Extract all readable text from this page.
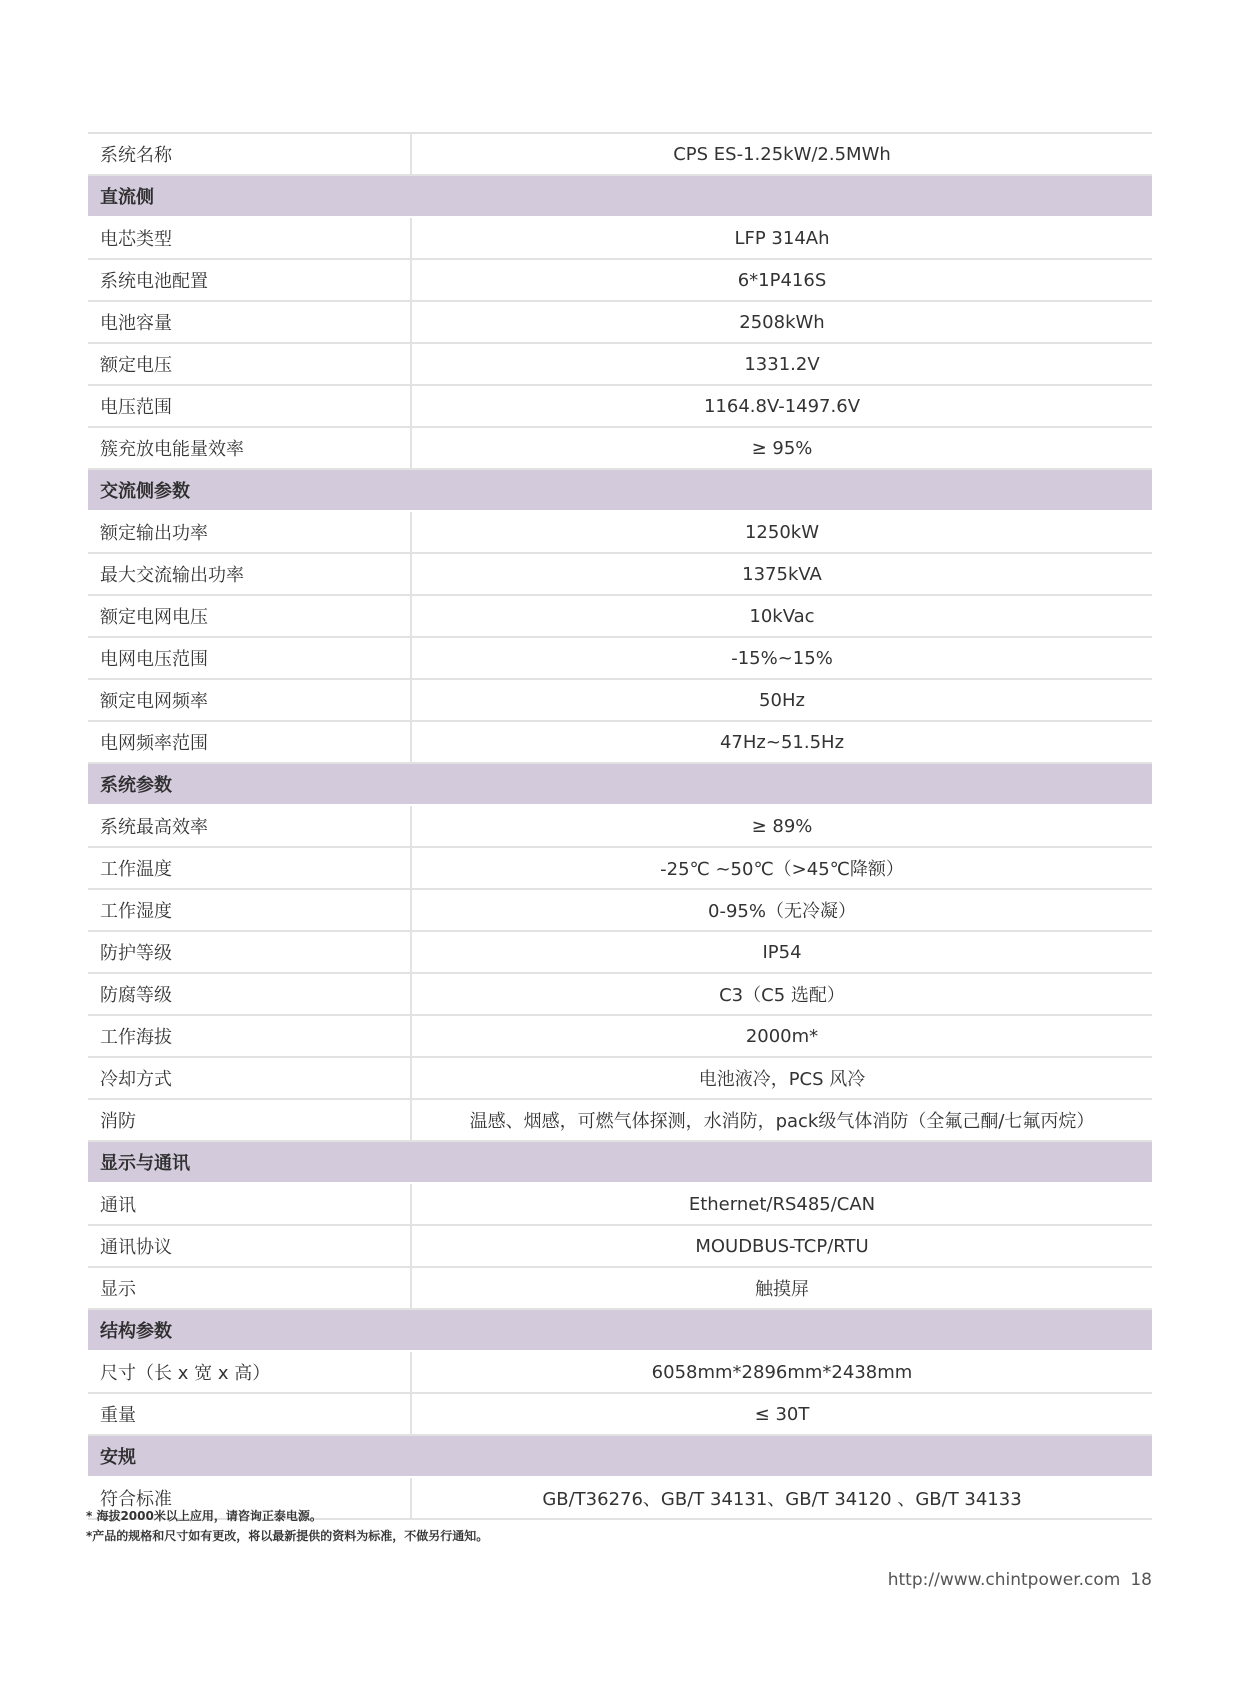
系统名称	CPS ES-1.25kW/2.5MWh
直流侧
电芯类型	LFP 314Ah
系统电池配置	6*1P416S
电池容量	2508kWh
额定电压	1331.2V
电压范围	1164.8V-1497.6V
簇充放电能量效率	≥ 95%
交流侧参数
额定输出功率	1250kW
最大交流输出功率	1375kVA
额定电网电压	10kVac
电网电压范围	-15%~15%
额定电网频率	50Hz
电网频率范围	47Hz~51.5Hz
系统参数
系统最高效率	≥ 89%
工作温度	-25℃ ~50℃（>45℃降额）
工作湿度	0-95%（无冷凝）
防护等级	IP54
防腐等级	C3（C5 选配）
工作海拔	2000m*
冷却方式	电池液冷，PCS 风冷
消防	温感、烟感，可燃气体探测，水消防，pack级气体消防（全氟己酮/七氟丙烷）
显示与通讯
通讯	Ethernet/RS485/CAN
通讯协议	MOUDBUS-TCP/RTU
显示	触摸屏
结构参数
尺寸（长 x 宽 x 高）	6058mm*2896mm*2438mm
重量	≤ 30T
安规
符合标准	GB/T36276、GB/T 34131、GB/T 34120 、GB/T 34133
* 海拔2000米以上应用，请咨询正泰电源。
*产品的规格和尺寸如有更改，将以最新提供的资料为标准，不做另行通知。
http://www.chintpower.com 18
